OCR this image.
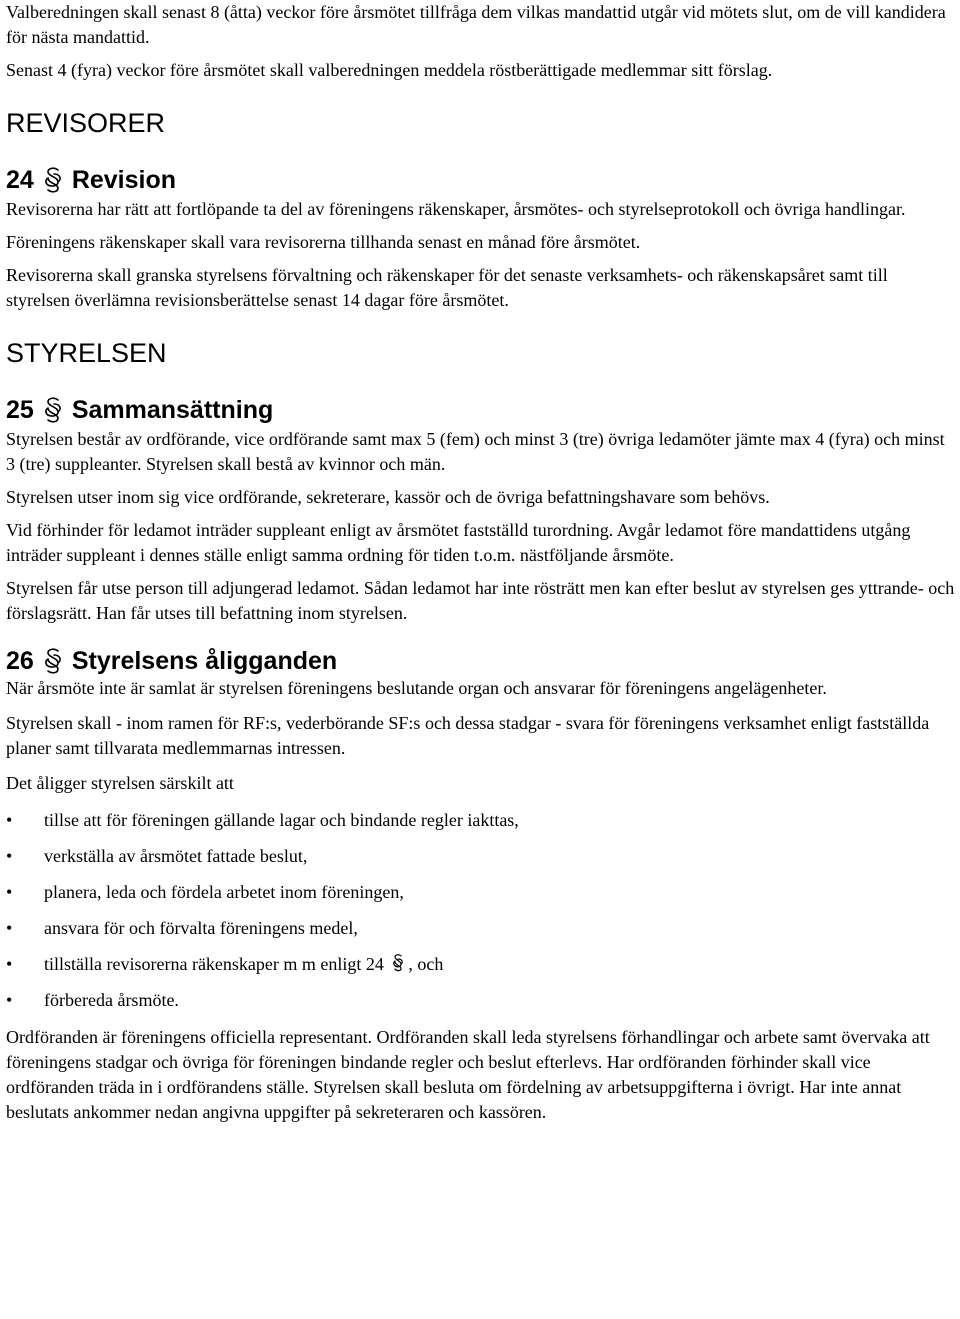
Valberedningen skall senast 8 (åtta) veckor före årsmötet tillfråga dem vilkas mandattid utgår vid mötets slut, om de vill kandidera för nästa mandattid.

Senast 4 (fyra) veckor före årsmötet skall valberedningen meddela röstberättigade medlemmar sitt förslag.

REVISORER
24 Revision

Revisorerna har rätt att fortlöpande ta del av föreningens räkenskaper, årsmötes- och styrelseprotokoll och övriga handlingar.

Föreningens räkenskaper skall vara revisorerna tillhanda senast en månad före årsmötet.

Revisorerna skall granska styrelsens förvaltning och räkenskaper för det senaste verksamhets- och räkenskapsåret samt till styrelsen överlämna revisionsberättelse senast 14 dagar före årsmötet.

STYRELSEN
25 Sammansättning

Styrelsen består av ordförande, vice ordförande samt max 5 (fem) och minst 3 (tre) övriga ledamöter jämte max 4 (fyra) och minst 3 (tre) suppleanter. Styrelsen skall bestå av kvinnor och män.

Styrelsen utser inom sig vice ordförande, sekreterare, kassör och de övriga befattningshavare som behövs.

Vid förhinder för ledamot inträder suppleant enligt av årsmötet fastställd turordning. Avgår ledamot före mandattidens utgång inträder suppleant i dennes ställe enligt samma ordning för tiden t.o.m. nästföljande årsmöte.

Styrelsen får utse person till adjungerad ledamot. Sådan ledamot har inte rösträtt men kan efter beslut av styrelsen ges yttrande- och förslagsrätt. Han får utses till befattning inom styrelsen.

26 Styrelsens åligganden

När årsmöte inte är samlat är styrelsen föreningens beslutande organ och ansvarar för föreningens angelägenheter.

Styrelsen skall - inom ramen för RF:s, vederbörande SF:s och dessa stadgar - svara för föreningens verksamhet enligt fastställda planer samt tillvarata medlemmarnas intressen.

Det åligger styrelsen särskilt att

• tillse att för föreningen gällande lagar och bindande regler iakttas,
• verkställa av årsmötet fattade beslut,
• planera, leda och fördela arbetet inom föreningen,
• ansvara för och förvalta föreningens medel,
• tillställa revisorerna räkenskaper m m enligt 24 , och
• förbereda årsmöte.

Ordföranden är föreningens officiella representant. Ordföranden skall leda styrelsens förhandlingar och arbete samt övervaka att föreningens stadgar och övriga för föreningen bindande regler och beslut efterlevs. Har ordföranden förhinder skall vice ordföranden träda in i ordförandens ställe. Styrelsen skall besluta om fördelning av arbetsuppgifterna i övrigt. Har inte annat beslutats ankommer nedan angivna uppgifter på sekreteraren och kassören.
